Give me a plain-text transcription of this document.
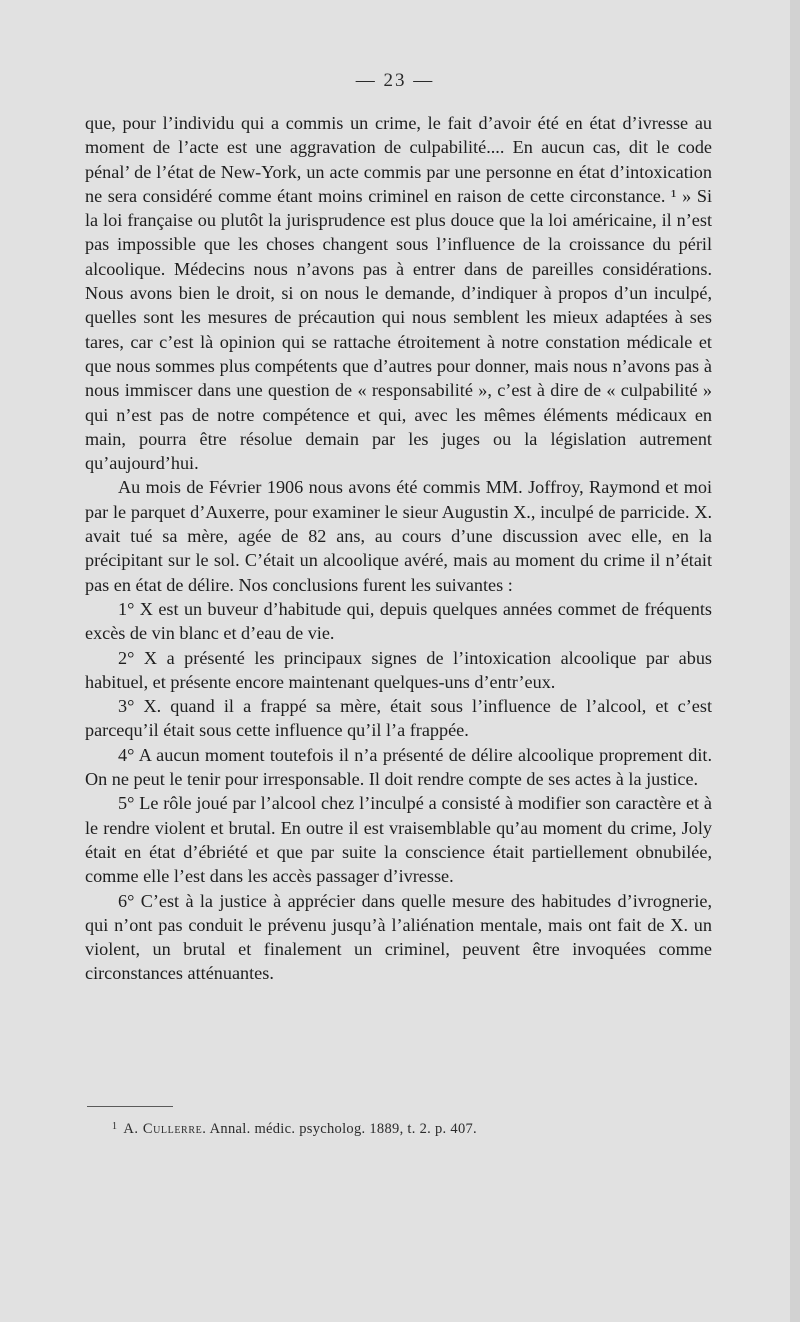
— 23 —

que, pour l’individu qui a commis un crime, le fait d’avoir été en état d’ivresse au moment de l’acte est une aggravation de culpabilité.... En aucun cas, dit le code pénal’ de l’état de New-York, un acte commis par une personne en état d’intoxication ne sera considéré comme étant moins criminel en raison de cette circonstance. ¹ » Si la loi française ou plutôt la jurisprudence est plus douce que la loi américaine, il n’est pas impossible que les choses changent sous l’influence de la croissance du péril alcoolique. Médecins nous n’avons pas à entrer dans de pareilles considérations. Nous avons bien le droit, si on nous le demande, d’indiquer à propos d’un inculpé, quelles sont les mesures de précaution qui nous semblent les mieux adaptées à ses tares, car c’est là opinion qui se rattache étroitement à notre constation médicale et que nous sommes plus compétents que d’autres pour donner, mais nous n’avons pas à nous immiscer dans une question de « responsabilité », c’est à dire de « culpabilité » qui n’est pas de notre compétence et qui, avec les mêmes éléments médicaux en main, pourra être résolue demain par les juges ou la législation autrement qu’aujourd’hui.

Au mois de Février 1906 nous avons été commis MM. Joffroy, Raymond et moi par le parquet d’Auxerre, pour examiner le sieur Augustin X., inculpé de parricide. X. avait tué sa mère, agée de 82 ans, au cours d’une discussion avec elle, en la précipitant sur le sol. C’était un alcoolique avéré, mais au moment du crime il n’était pas en état de délire. Nos conclusions furent les suivantes :

1° X est un buveur d’habitude qui, depuis quelques années commet de fréquents excès de vin blanc et d’eau de vie.

2° X a présenté les principaux signes de l’intoxication alcoolique par abus habituel, et présente encore maintenant quelques-uns d’entr’eux.

3° X. quand il a frappé sa mère, était sous l’influence de l’alcool, et c’est parcequ’il était sous cette influence qu’il l’a frappée.

4° A aucun moment toutefois il n’a présenté de délire alcoolique proprement dit. On ne peut le tenir pour irresponsable. Il doit rendre compte de ses actes à la justice.

5° Le rôle joué par l’alcool chez l’inculpé a consisté à modifier son caractère et à le rendre violent et brutal. En outre il est vraisemblable qu’au moment du crime, Joly était en état d’ébriété et que par suite la conscience était partiellement obnubilée, comme elle l’est dans les accès passager d’ivresse.

6° C’est à la justice à apprécier dans quelle mesure des habitudes d’ivrognerie, qui n’ont pas conduit le prévenu jusqu’à l’aliénation mentale, mais ont fait de X. un violent, un brutal et finalement un criminel, peuvent être invoquées comme circonstances atténuantes.

$^1$ A. Cullerre. Annal. médic. psycholog. 1889, t. 2. p. 407.
